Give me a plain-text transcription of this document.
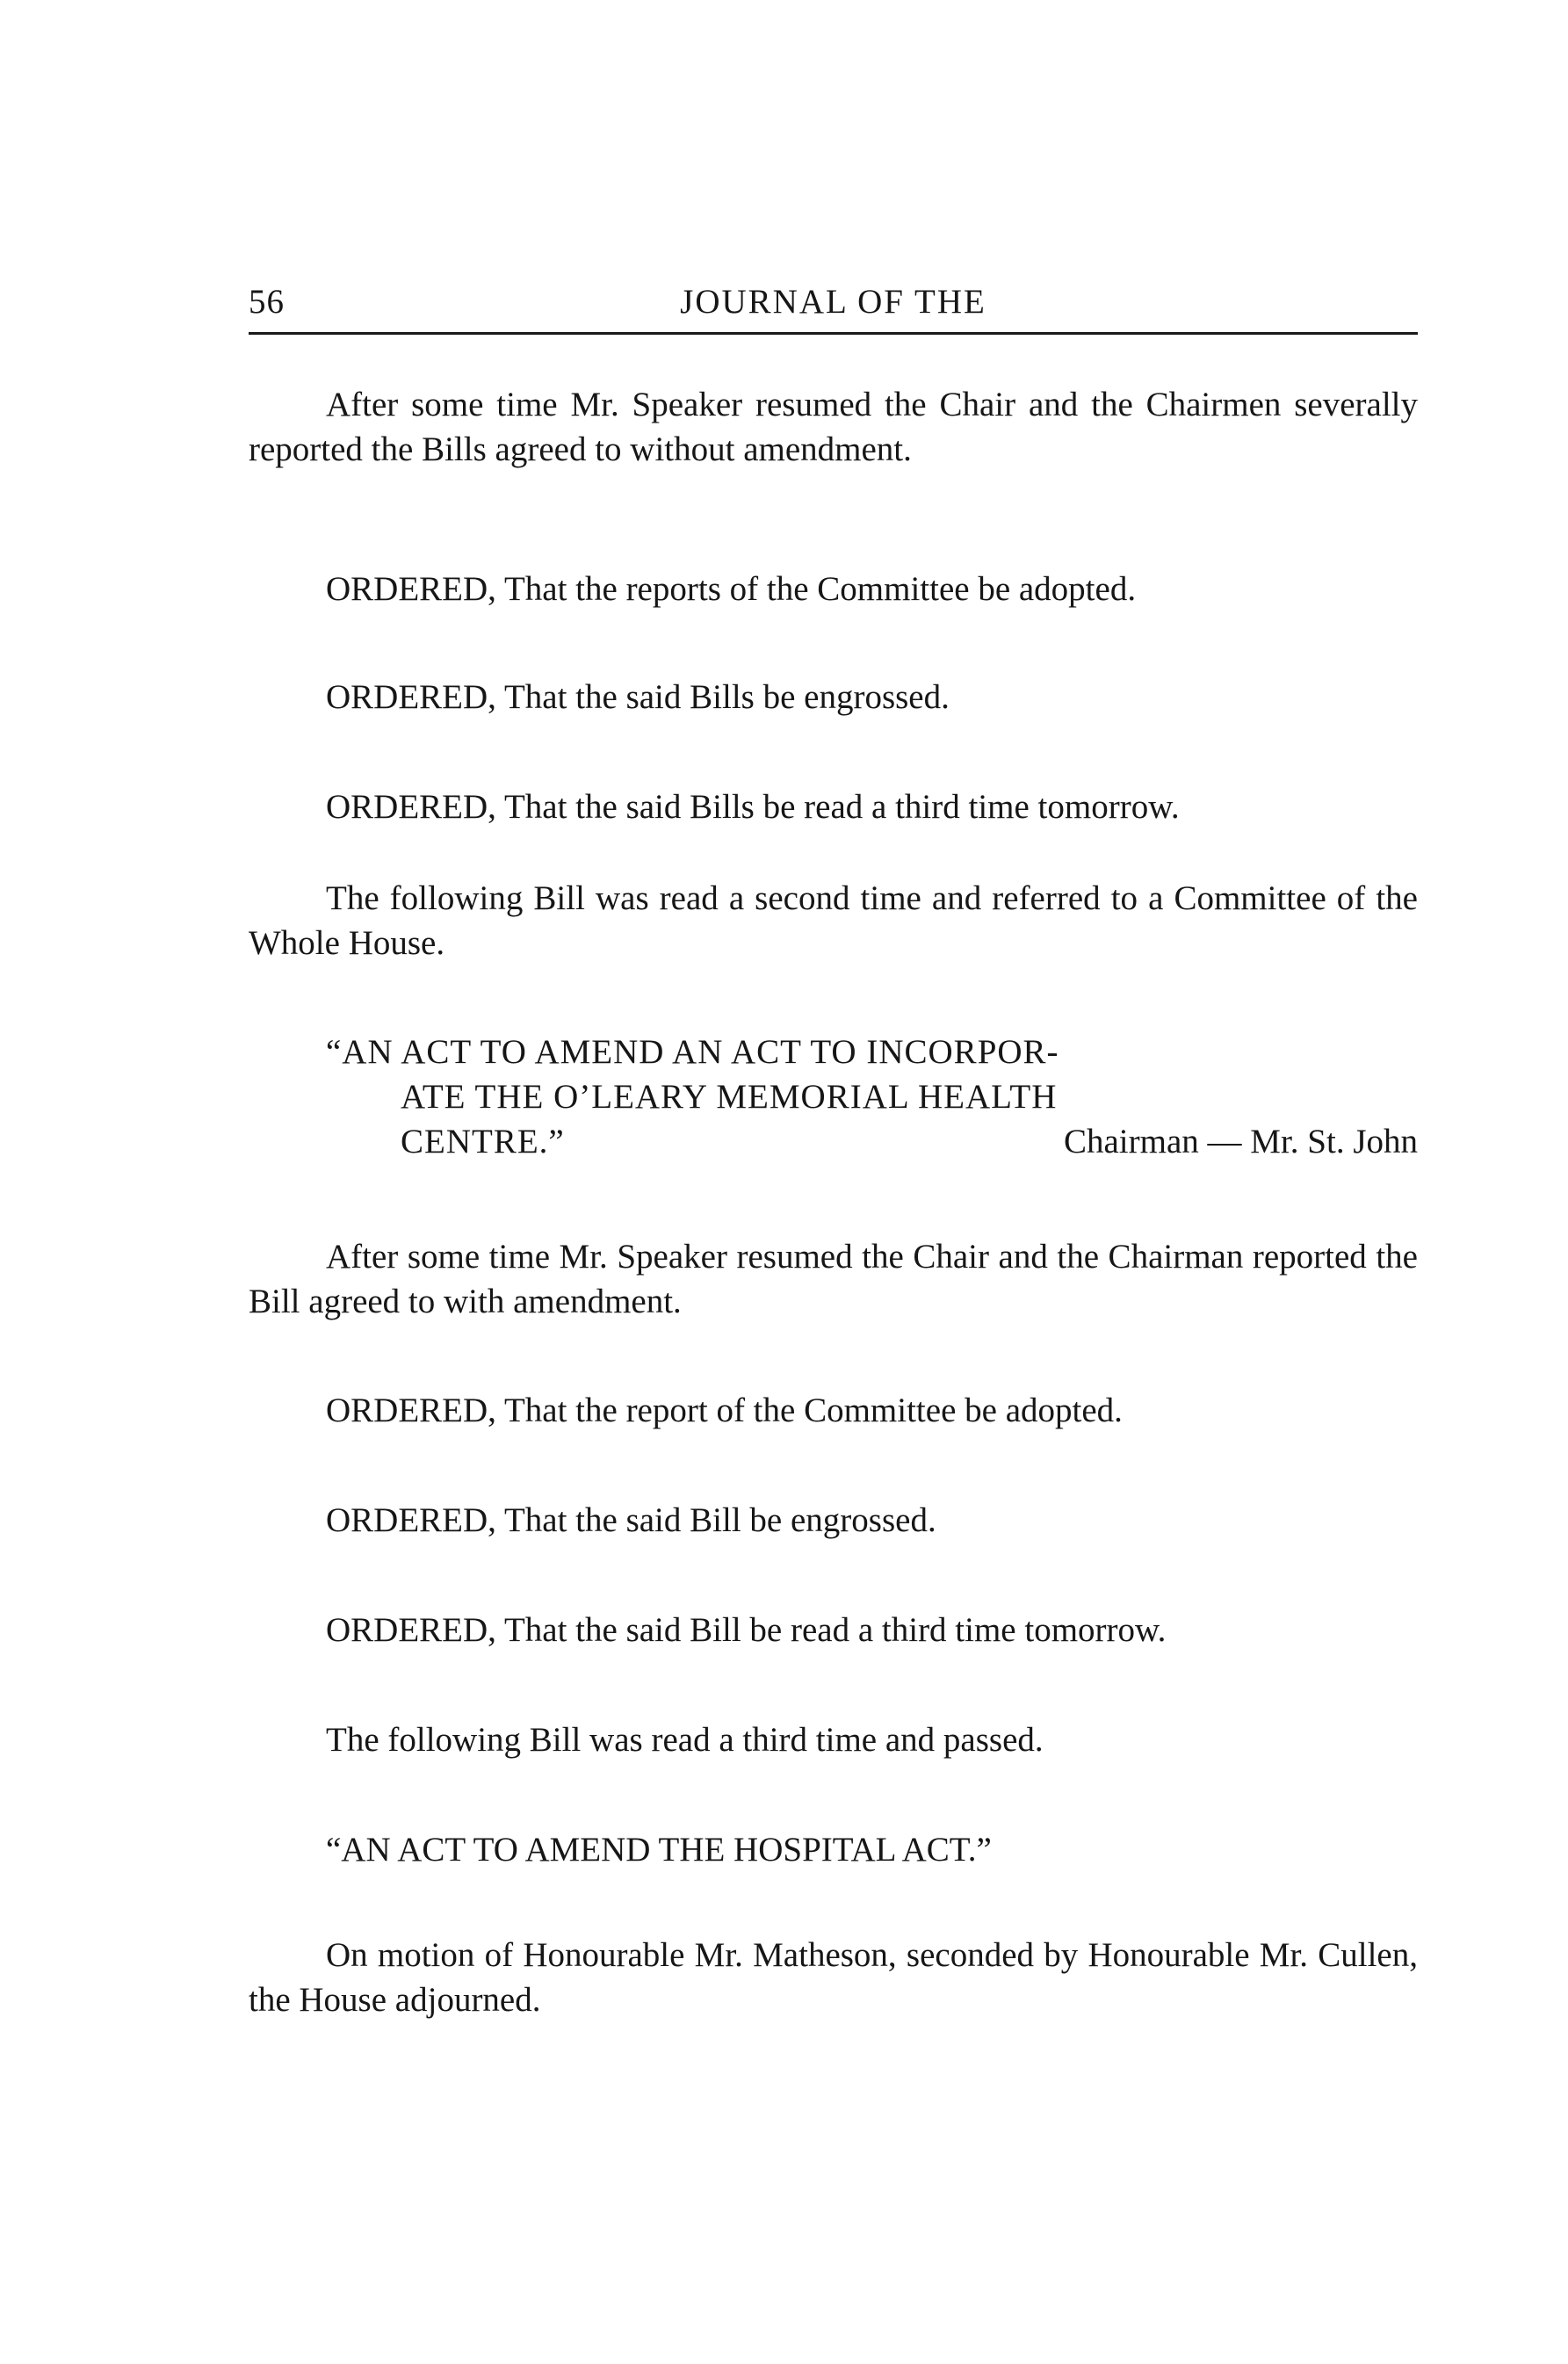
56	JOURNAL OF THE

After some time Mr. Speaker resumed the Chair and the Chairmen severally reported the Bills agreed to without amendment.

ORDERED, That the reports of the Committee be adopted.

ORDERED, That the said Bills be engrossed.

ORDERED, That the said Bills be read a third time tomorrow.

The following Bill was read a second time and referred to a Committee of the Whole House.

“AN ACT TO AMEND AN ACT TO INCORPOR-
ATE THE O’LEARY MEMORIAL HEALTH
CENTRE.”	Chairman — Mr. St. John

After some time Mr. Speaker resumed the Chair and the Chairman reported the Bill agreed to with amendment.

ORDERED, That the report of the Committee be adopted.

ORDERED, That the said Bill be engrossed.

ORDERED, That the said Bill be read a third time tomorrow.

The following Bill was read a third time and passed.

“AN ACT TO AMEND THE HOSPITAL ACT.”

On motion of Honourable Mr. Matheson, seconded by Honourable Mr. Cullen, the House adjourned.
